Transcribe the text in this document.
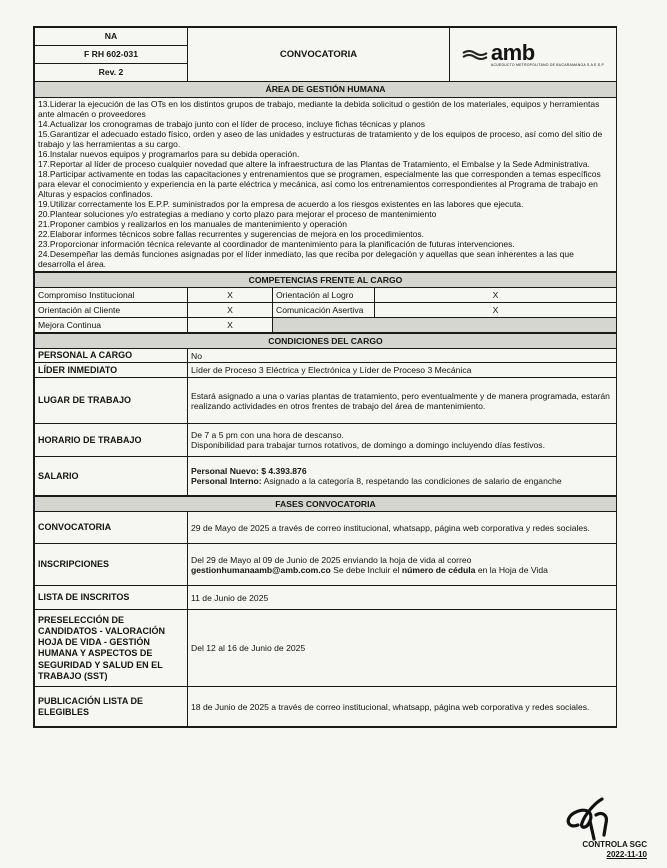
NA	CONVOCATORIA	amb
ACUEDUCTO METROPOLITANO DE BUCARAMANGA S.A E.S.P

F RH 602-031
Rev. 2
ÁREA DE GESTIÓN HUMANA

13.Liderar la ejecución de las OTs en los distintos grupos de trabajo, mediante la debida solicitud o gestión de los materiales, equipos y herramientas ante almacén o proveedores
14.Actualizar los cronogramas de trabajo junto con el líder de proceso, incluye fichas técnicas y planos
15.Garantizar el adecuado estado físico, orden y aseo de las unidades y estructuras de tratamiento y de los equipos de proceso, así como del sitio de trabajo y las herramientas a su cargo.
16.Instalar nuevos equipos y programarlos para su debida operación.
17.Reportar al líder de proceso cualquier novedad que altere la infraestructura de las Plantas de Tratamiento, el Embalse y la Sede Administrativa.
18.Participar activamente en todas las capacitaciones y entrenamientos que se programen, especialmente las que corresponden a temas específicos para elevar el conocimiento y experiencia en la parte eléctrica y mecánica, así como los entrenamientos correspondientes al Programa de trabajo en Alturas y espacios confinados.
19.Utilizar correctamente los E.P.P. suministrados por la empresa de acuerdo a los riesgos existentes en las labores que ejecuta.
20.Plantear soluciones y/o estrategias a mediano y corto plazo para mejorar el proceso de mantenimiento
21.Proponer cambios y realizarlos en los manuales de mantenimiento y operación
22.Elaborar informes técnicos sobre fallas recurrentes y sugerencias de mejora en los procedimientos.
23.Proporcionar información técnica relevante al coordinador de mantenimiento para la planificación de futuras intervenciones.
24.Desempeñar las demás funciones asignadas por el líder inmediato, las que reciba por delegación y aquellas que sean inherentes a las que desarrolla el área.
COMPETENCIAS FRENTE AL CARGO			
Compromiso Institucional	X	Orientación al Logro	X
Orientación al Cliente	X	Comunicación Asertiva	X
Mejora Continua	X		
CONDICIONES DEL CARGO	
PERSONAL A CARGO	No
LÍDER INMEDIATO	Líder de Proceso 3 Eléctrica y Electrónica y Líder de Proceso 3 Mecánica
LUGAR DE TRABAJO	Estará asignado a una o varias plantas de tratamiento, pero eventualmente y de manera programada, estarán realizando actividades en otros frentes de trabajo del área de mantenimiento.
HORARIO DE TRABAJO	De 7 a 5 pm con una hora de descanso.
Disponibilidad para trabajar turnos rotativos, de domingo a domingo incluyendo días festivos.

SALARIO	Personal Nuevo: $ 4.393.876
Personal Interno: Asignado a la categoría 8, respetando las condiciones de salario de enganche
FASES CONVOCATORIA	
CONVOCATORIA	29 de Mayo de 2025 a través de correo institucional, whatsapp, página web corporativa y redes sociales.
INSCRIPCIONES	Del 29 de Mayo al 09 de Junio de 2025 enviando la hoja de vida al correo
gestionhumanaamb@amb.com.co Se debe Incluir el número de cédula en la Hoja de Vida

LISTA DE INSCRITOS	11 de Junio de 2025
PRESELECCIÓN DE CANDIDATOS - VALORACIÓN HOJA DE VIDA - GESTIÓN HUMANA Y ASPECTOS DE SEGURIDAD Y SALUD EN EL TRABAJO (SST)	Del 12 al 16 de Junio de 2025
PUBLICACIÓN LISTA DE ELEGIBLES	18 de Junio de 2025 a través de correo institucional, whatsapp, página web corporativa y redes sociales.
CONTROLA SGC
2022-11-10
